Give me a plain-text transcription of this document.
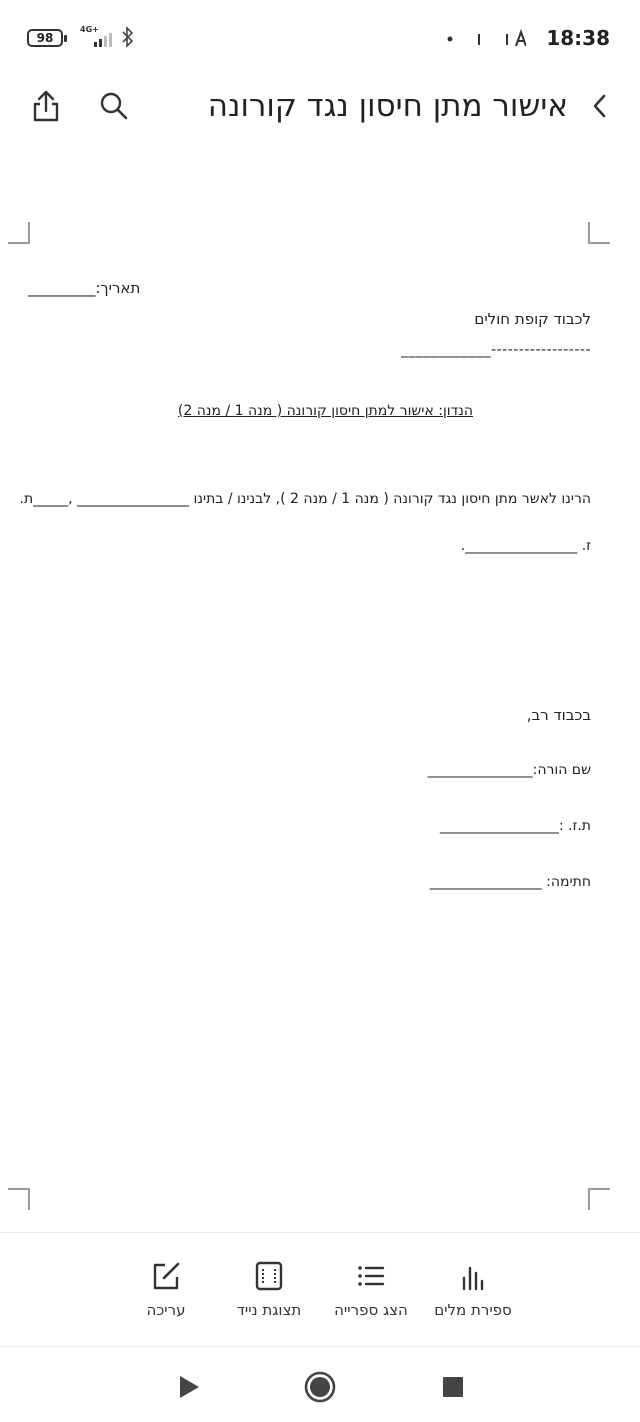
98
4G+	18:38
אישור מתן חיסון נגד קורונה
תאריך:_________
לכבוד קופת חולים
____________------------------
הנדון: אישור למתן חיסון קורונה ( מנה 1 / מנה 2)
הרינו לאשר מתן חיסון נגד קורונה ( מנה 1 / מנה 2 ), לבנינו / בתינו ________________ ,_____ת.
ז. ________________.
בכבוד רב,
שם הורה:_______________
ת.ז. :_________________
חתימה: ________________
ספירת מלים
הצג ספרייה
תצוגת נייד
עריכה
